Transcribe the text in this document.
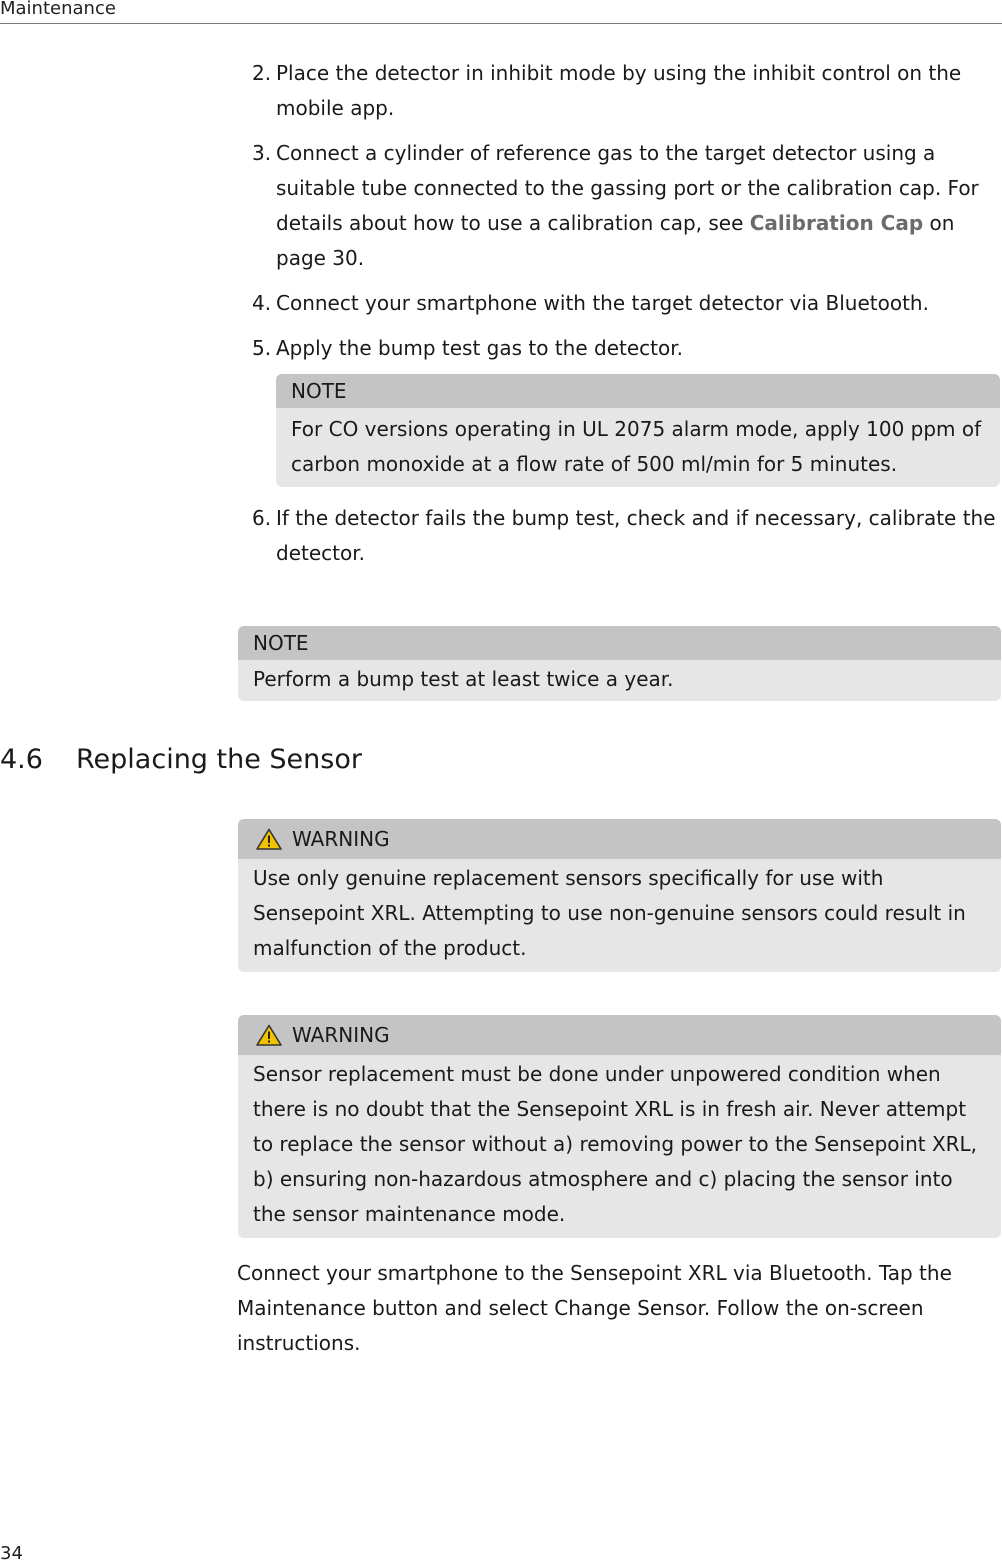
Maintenance
2. Place the detector in inhibit mode by using the inhibit control on the mobile app.
3. Connect a cylinder of reference gas to the target detector using a suitable tube connected to the gassing port or the calibration cap. For details about how to use a calibration cap, see Calibration Cap on page 30.
4. Connect your smartphone with the target detector via Bluetooth.
5. Apply the bump test gas to the detector.
NOTE
For CO versions operating in UL 2075 alarm mode, apply 100 ppm of carbon monoxide at a flow rate of 500 ml/min for 5 minutes.
6. If the detector fails the bump test, check and if necessary, calibrate the detector.
NOTE
Perform a bump test at least twice a year.
4.6 Replacing the Sensor
WARNING
Use only genuine replacement sensors specifically for use with Sensepoint XRL. Attempting to use non-genuine sensors could result in malfunction of the product.
WARNING
Sensor replacement must be done under unpowered condition when there is no doubt that the Sensepoint XRL is in fresh air. Never attempt to replace the sensor without a) removing power to the Sensepoint XRL, b) ensuring non-hazardous atmosphere and c) placing the sensor into the sensor maintenance mode.
Connect your smartphone to the Sensepoint XRL via Bluetooth. Tap the Maintenance button and select Change Sensor. Follow the on-screen instructions.
34
